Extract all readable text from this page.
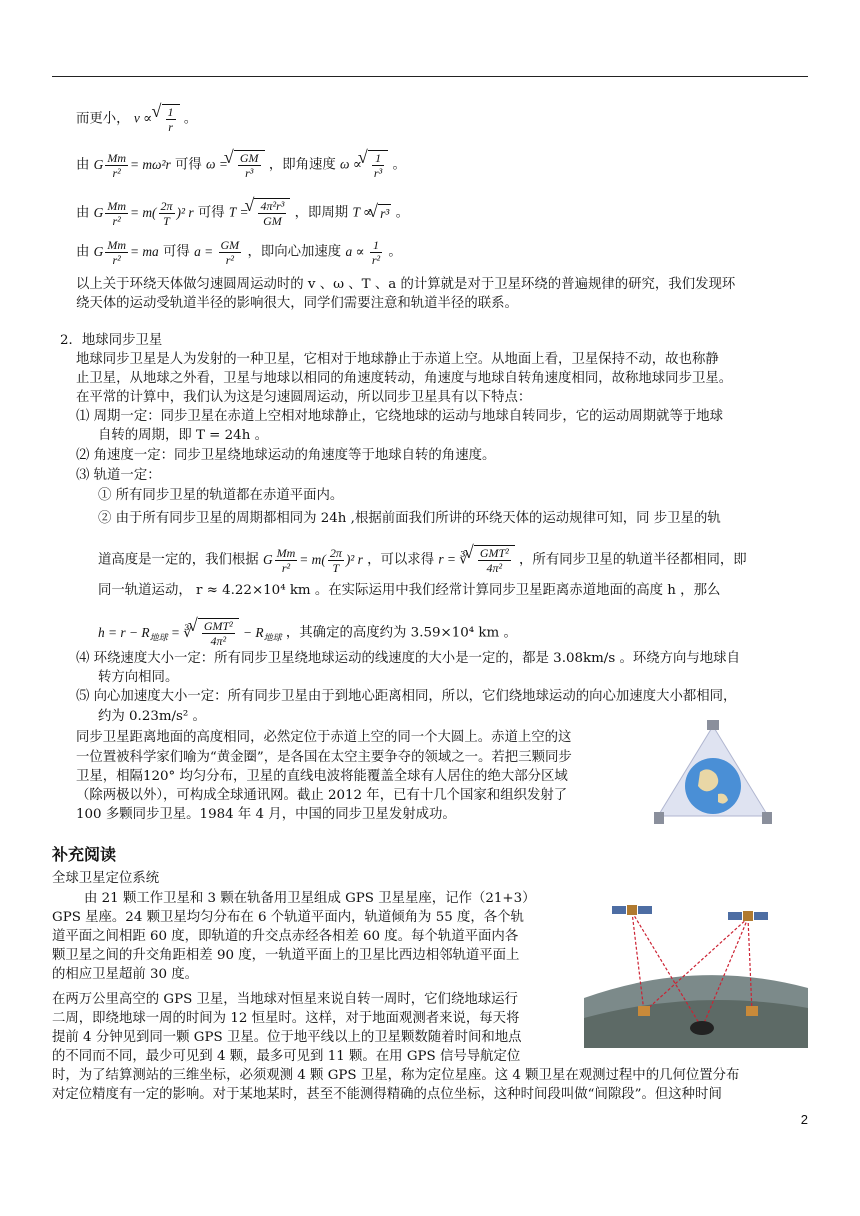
而更小， v ∝ √ $\frac{1}{r}$ 。
由 G $\frac{Mm}{\text{r²}} = m\omega^2r$ 可得 ω = √ $\frac{GM}{\text{r³}}$ ，即角速度 ω ∝ √ $\frac{1}{\text{r³}}$ 。
由 G $\frac{Mm}{\text{r²}} = m( \frac{2\pi}{T} )^2$ r 可得 T = √ $\frac{\text{4π²r³}}{GM}$ ，即周期 T ∝ √ r³ 。
由 G $\frac{Mm}{\text{r²}}$ = ma 可得 $a = \frac{GM}{\text{r²}}$ ，即向心加速度 $a \propto \frac{1}{\text{r²}}$ 。
以上关于环绕天体做匀速圆周运动时的 v 、ω 、T 、a 的计算就是对于卫星环绕的普遍规律的研究，我们发现环
绕天体的运动受轨道半径的影响很大，同学们需要注意和轨道半径的联系。
2．地球同步卫星
地球同步卫星是人为发射的一种卫星，它相对于地球静止于赤道上空。从地面上看，卫星保持不动，故也称静
止卫星，从地球之外看，卫星与地球以相同的角速度转动，角速度与地球自转角速度相同，故称地球同步卫星。
在平常的计算中，我们认为这是匀速圆周运动，所以同步卫星具有以下特点：
⑴ 周期一定：同步卫星在赤道上空相对地球静止，它绕地球的运动与地球自转同步，它的运动周期就等于地球
自转的周期，即 T = 24h 。
⑵ 角速度一定：同步卫星绕地球运动的角速度等于地球自转的角速度。
⑶ 轨道一定：
① 所有同步卫星的轨道都在赤道平面内。
② 由于所有同步卫星的周期都相同为 24h ,根据前面我们所讲的环绕天体的运动规律可知，同 步卫星的轨
道高度是一定的，我们根据 G $\frac{Mm}{\text{r²}} = m( \frac{2\pi}{T} )^2$ r ，可以求得 r = ∛ √ $\frac{\text{GMT²}}{\text{4π²}}$ ，所有同步卫星的轨道半径都相同，即
同一轨道运动， r ≈ 4.22×10⁴ km 。在实际运用中我们经常计算同步卫星距离赤道地面的高度 h ，那么
$h = r - R_{地球}$ = ∛ √ $\frac{\text{GMT²}}{\text{4π²}} - R_{地球}$ ，其确定的高度约为 3.59×10⁴ km 。
⑷ 环绕速度大小一定：所有同步卫星绕地球运动的线速度的大小是一定的，都是 3.08km/s 。环绕方向与地球自
转方向相同。
⑸ 向心加速度大小一定：所有同步卫星由于到地心距离相同，所以，它们绕地球运动的向心加速度大小都相同，
约为 0.23m/s² 。
同步卫星距离地面的高度相同，必然定位于赤道上空的同一个大圆上。赤道上空的这
一位置被科学家们喻为“黄金圈”，是各国在太空主要争夺的领域之一。若把三颗同步
卫星，相隔120° 均匀分布，卫星的直线电波将能覆盖全球有人居住的绝大部分区域
（除两极以外），可构成全球通讯网。截止 2012 年，已有十几个国家和组织发射了
100 多颗同步卫星。1984 年 4 月，中国的同步卫星发射成功。
补充阅读
全球卫星定位系统
由 21 颗工作卫星和 3 颗在轨备用卫星组成 GPS 卫星星座，记作（21+3）
GPS 星座。24 颗卫星均匀分布在 6 个轨道平面内，轨道倾角为 55 度，各个轨
道平面之间相距 60 度，即轨道的升交点赤经各相差 60 度。每个轨道平面内各
颗卫星之间的升交角距相差 90 度，一轨道平面上的卫星比西边相邻轨道平面上
的相应卫星超前 30 度。
在两万公里高空的 GPS 卫星，当地球对恒星来说自转一周时，它们绕地球运行
二周，即绕地球一周的时间为 12 恒星时。这样，对于地面观测者来说，每天将
提前 4 分钟见到同一颗 GPS 卫星。位于地平线以上的卫星颗数随着时间和地点
的不同而不同，最少可见到 4 颗，最多可见到 11 颗。在用 GPS 信号导航定位
时，为了结算测站的三维坐标，必须观测 4 颗 GPS 卫星，称为定位星座。这 4 颗卫星在观测过程中的几何位置分布
对定位精度有一定的影响。对于某地某时，甚至不能测得精确的点位坐标，这种时间段叫做“间隙段”。但这种时间
2
